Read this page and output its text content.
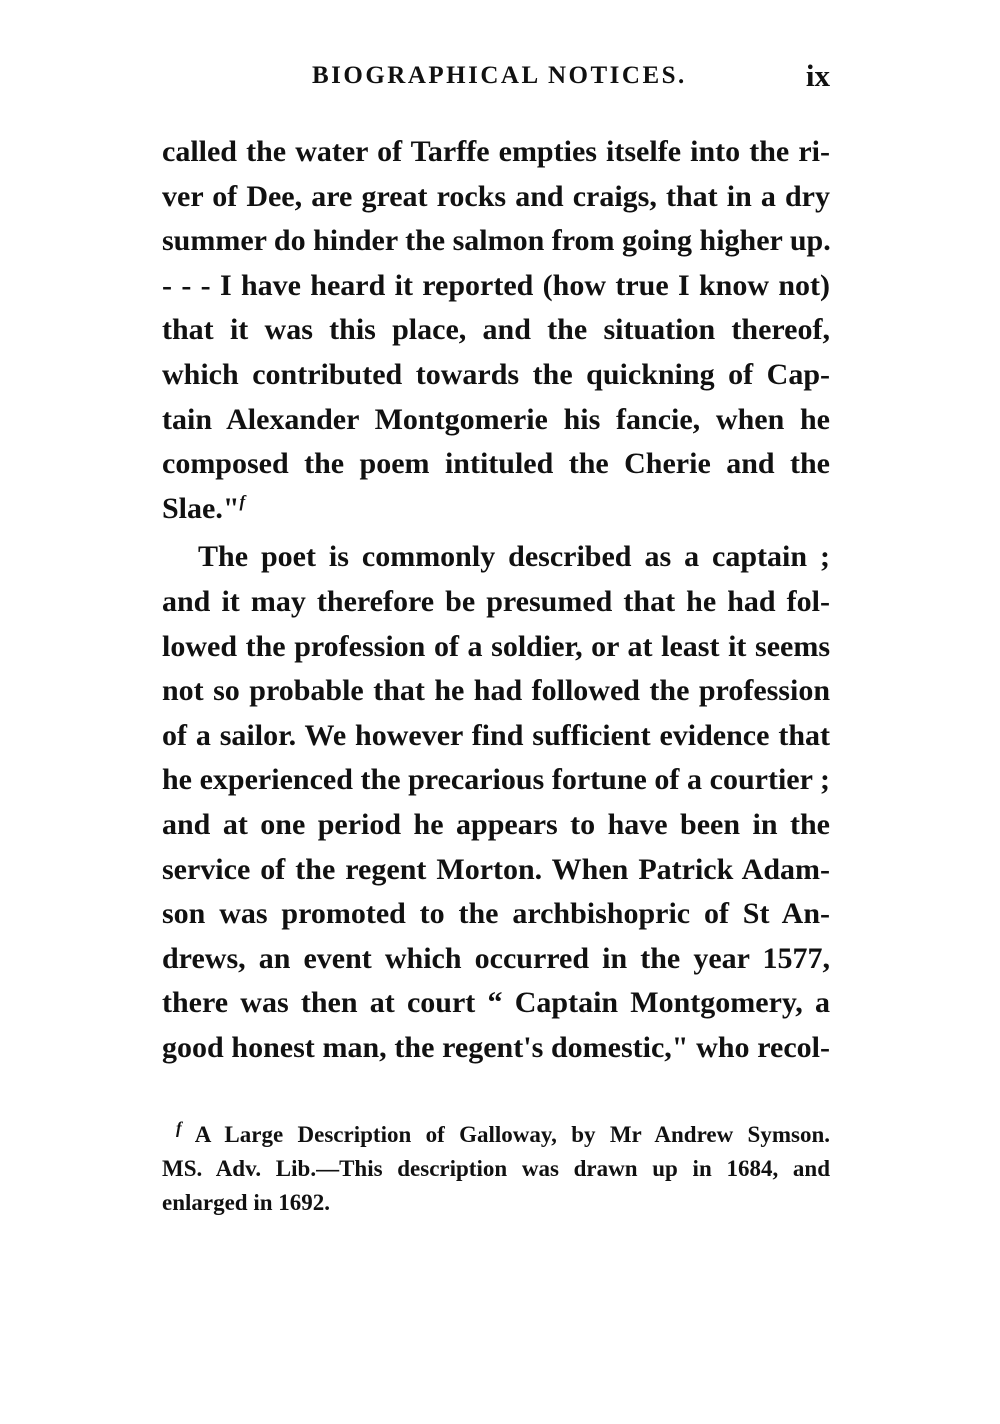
BIOGRAPHICAL NOTICES.	ix
called the water of Tarffe empties itselfe into the ri-
ver of Dee, are great rocks and craigs, that in a dry
summer do hinder the salmon from going higher up.
- - - I have heard it reported (how true I know not)
that it was this place, and the situation thereof,
which contributed towards the quickning of Cap-
tain Alexander Montgomerie his fancie, when he
composed the poem intituled the Cherie and the
Slae."$^f$
The poet is commonly described as a captain ;
and it may therefore be presumed that he had fol-
lowed the profession of a soldier, or at least it seems
not so probable that he had followed the profession
of a sailor. We however find sufficient evidence that
he experienced the precarious fortune of a courtier ;
and at one period he appears to have been in the
service of the regent Morton. When Patrick Adam-
son was promoted to the archbishopric of St An-
drews, an event which occurred in the year 1577,
there was then at court “ Captain Montgomery, a
good honest man, the regent's domestic," who recol-
$^f$ A Large Description of Galloway, by Mr Andrew Symson.
MS. Adv. Lib.—This description was drawn up in 1684, and
enlarged in 1692.
